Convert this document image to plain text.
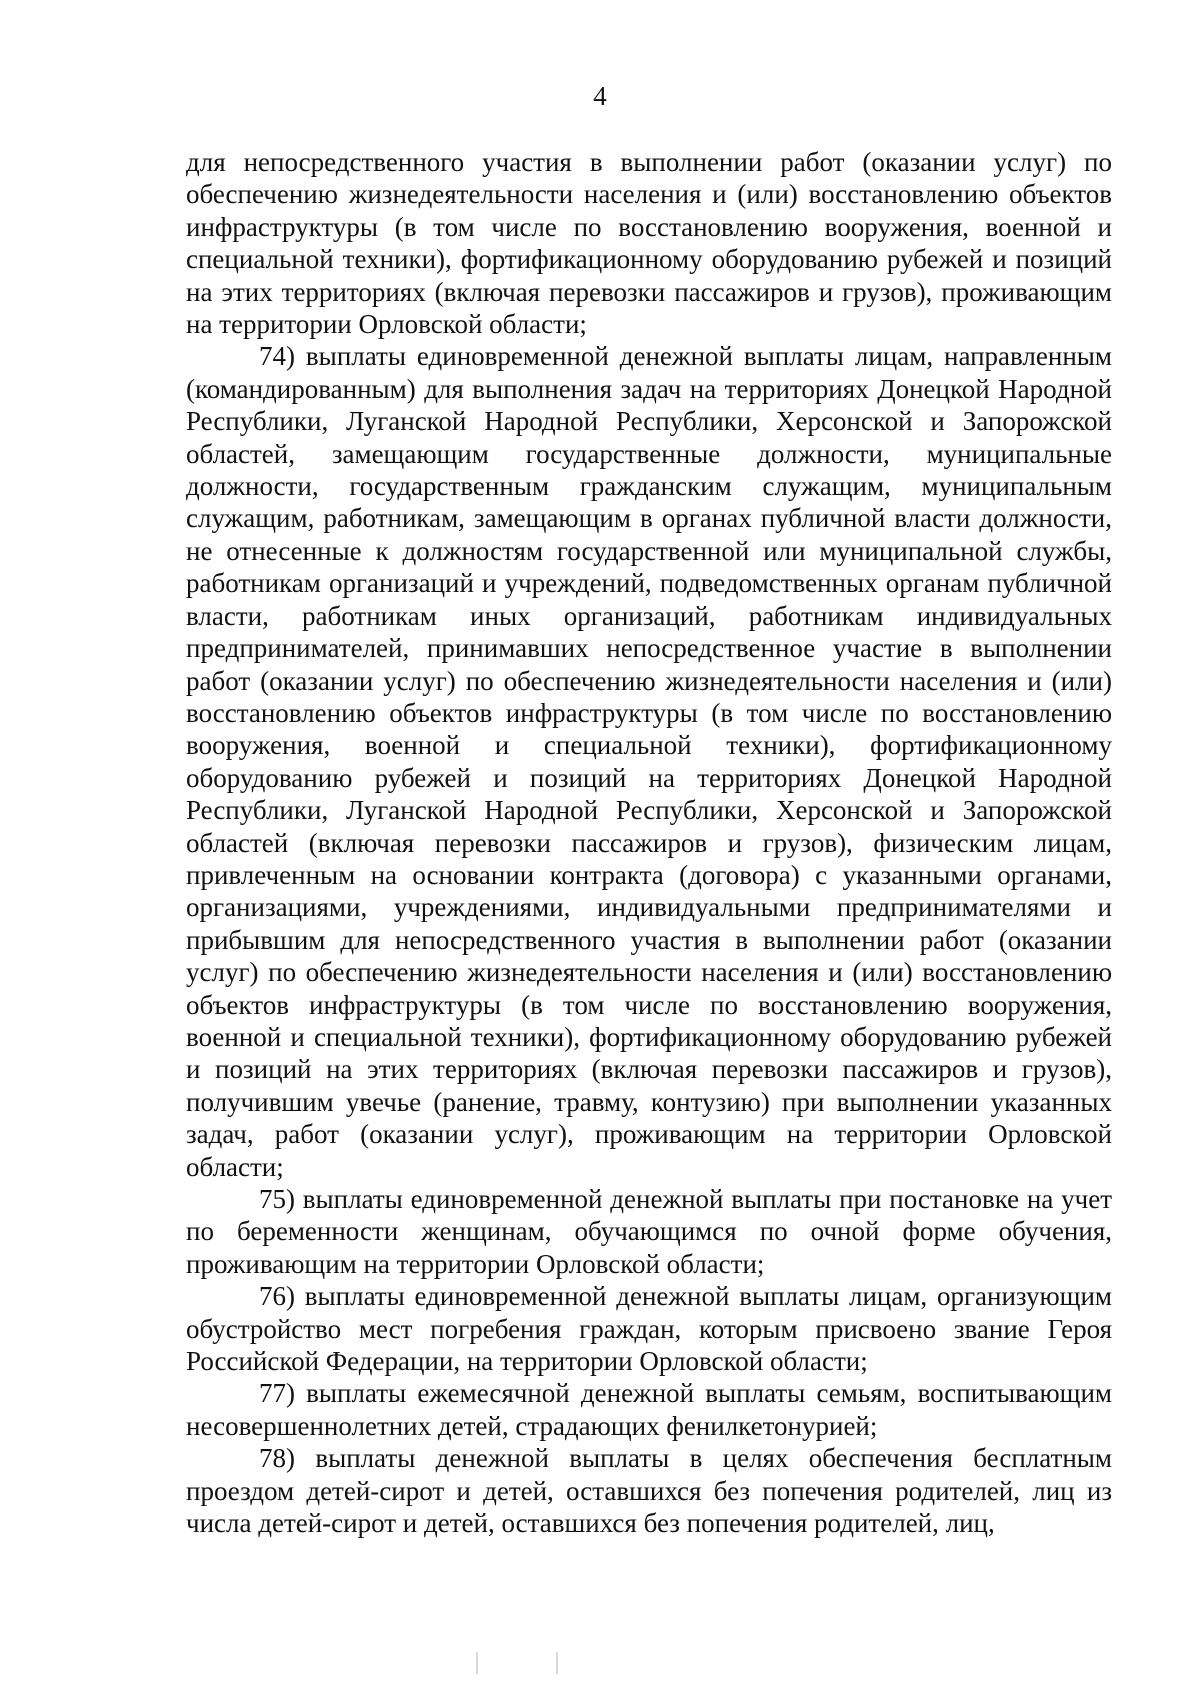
4

для непосредственного участия в выполнении работ (оказании услуг) по обеспечению жизнедеятельности населения и (или) восстановлению объектов инфраструктуры (в том числе по восстановлению вооружения, военной и специальной техники), фортификационному оборудованию рубежей и позиций на этих территориях (включая перевозки пассажиров и грузов), проживающим на территории Орловской области;

74) выплаты единовременной денежной выплаты лицам, направленным (командированным) для выполнения задач на территориях Донецкой Народной Республики, Луганской Народной Республики, Херсонской и Запорожской областей, замещающим государственные должности, муниципальные должности, государственным гражданским служащим, муниципальным служащим, работникам, замещающим в органах публичной власти должности, не отнесенные к должностям государственной или муниципальной службы, работникам организаций и учреждений, подведомственных органам публичной власти, работникам иных организаций, работникам индивидуальных предпринимателей, принимавших непосредственное участие в выполнении работ (оказании услуг) по обеспечению жизнедеятельности населения и (или) восстановлению объектов инфраструктуры (в том числе по восстановлению вооружения, военной и специальной техники), фортификационному оборудованию рубежей и позиций на территориях Донецкой Народной Республики, Луганской Народной Республики, Херсонской и Запорожской областей (включая перевозки пассажиров и грузов), физическим лицам, привлеченным на основании контракта (договора) с указанными органами, организациями, учреждениями, индивидуальными предпринимателями и прибывшим для непосредственного участия в выполнении работ (оказании услуг) по обеспечению жизнедеятельности населения и (или) восстановлению объектов инфраструктуры (в том числе по восстановлению вооружения, военной и специальной техники), фортификационному оборудованию рубежей и позиций на этих территориях (включая перевозки пассажиров и грузов), получившим увечье (ранение, травму, контузию) при выполнении указанных задач, работ (оказании услуг), проживающим на территории Орловской области;

75) выплаты единовременной денежной выплаты при постановке на учет по беременности женщинам, обучающимся по очной форме обучения, проживающим на территории Орловской области;

76) выплаты единовременной денежной выплаты лицам, организующим обустройство мест погребения граждан, которым присвоено звание Героя Российской Федерации, на территории Орловской области;

77) выплаты ежемесячной денежной выплаты семьям, воспитывающим несовершеннолетних детей, страдающих фенилкетонурией;

78) выплаты денежной выплаты в целях обеспечения бесплатным проездом детей-сирот и детей, оставшихся без попечения родителей, лиц из числа детей-сирот и детей, оставшихся без попечения родителей, лиц,
